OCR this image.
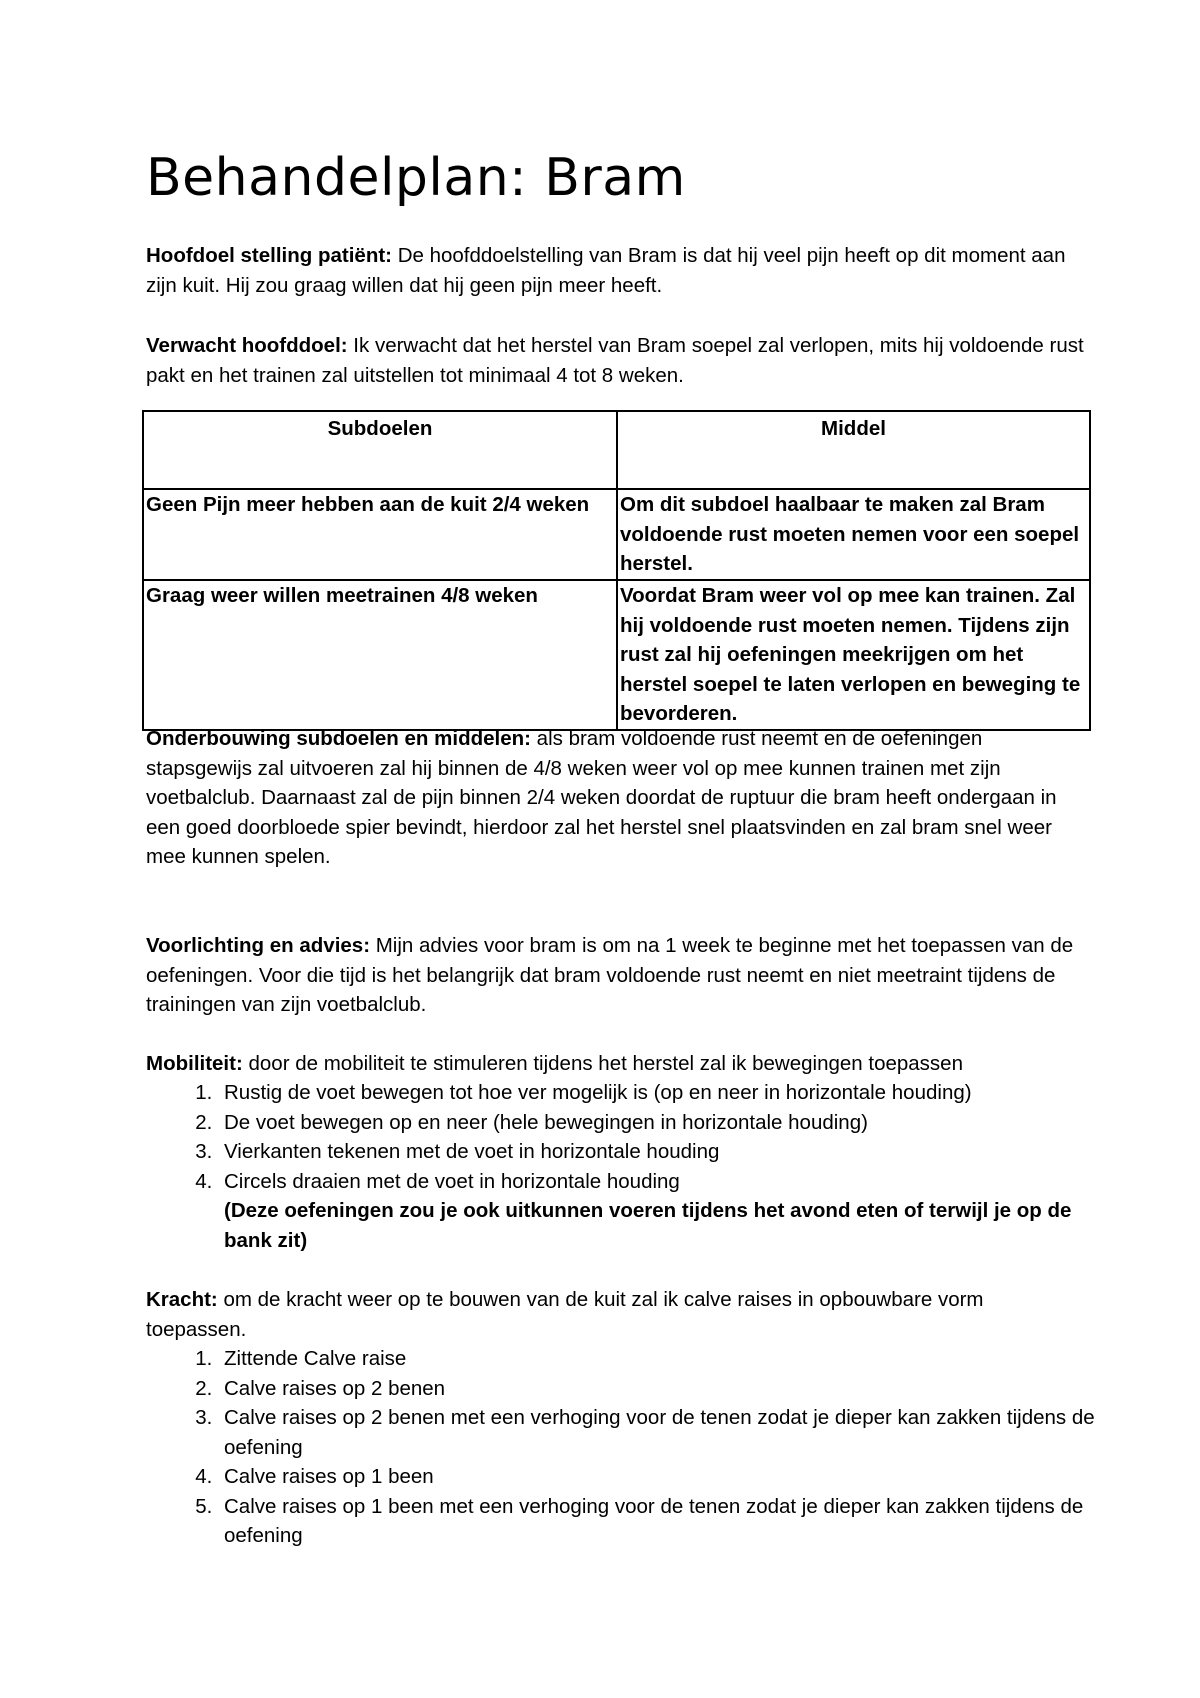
Behandelplan: Bram

Hoofdoel stelling patiënt: De hoofddoelstelling van Bram is dat hij veel pijn heeft op dit moment aan zijn kuit. Hij zou graag willen dat hij geen pijn meer heeft.

Verwacht hoofddoel: Ik verwacht dat het herstel van Bram soepel zal verlopen, mits hij voldoende rust pakt en het trainen zal uitstellen tot minimaal 4 tot 8 weken.

Subdoelen	Middel
Geen Pijn meer hebben aan de kuit 2/4 weken	Om dit subdoel haalbaar te maken zal Bram voldoende rust moeten nemen voor een soepel herstel.
Graag weer willen meetrainen 4/8 weken	Voordat Bram weer vol op mee kan trainen. Zal hij voldoende rust moeten nemen. Tijdens zijn rust zal hij oefeningen meekrijgen om het herstel soepel te laten verlopen en beweging te bevorderen.

Onderbouwing subdoelen en middelen: als bram voldoende rust neemt en de oefeningen stapsgewijs zal uitvoeren zal hij binnen de 4/8 weken weer vol op mee kunnen trainen met zijn voetbalclub. Daarnaast zal de pijn binnen 2/4 weken doordat de ruptuur die bram heeft ondergaan in een goed doorbloede spier bevindt, hierdoor zal het herstel snel plaatsvinden en zal bram snel weer mee kunnen spelen.

Voorlichting en advies: Mijn advies voor bram is om na 1 week te beginne met het toepassen van de oefeningen. Voor die tijd is het belangrijk dat bram voldoende rust neemt en niet meetraint tijdens de trainingen van zijn voetbalclub.

Mobiliteit: door de mobiliteit te stimuleren tijdens het herstel zal ik bewegingen toepassen

1. Rustig de voet bewegen tot hoe ver mogelijk is (op en neer in horizontale houding)
2. De voet bewegen op en neer (hele bewegingen in horizontale houding)
3. Vierkanten tekenen met de voet in horizontale houding
4. Circels draaien met de voet in horizontale houding
(Deze oefeningen zou je ook uitkunnen voeren tijdens het avond eten of terwijl je op de bank zit)

Kracht: om de kracht weer op te bouwen van de kuit zal ik calve raises in opbouwbare vorm toepassen.

1. Zittende Calve raise
2. Calve raises op 2 benen
3. Calve raises op 2 benen met een verhoging voor de tenen zodat je dieper kan zakken tijdens de oefening
4. Calve raises op 1 been
5. Calve raises op 1 been met een verhoging voor de tenen zodat je dieper kan zakken tijdens de oefening
